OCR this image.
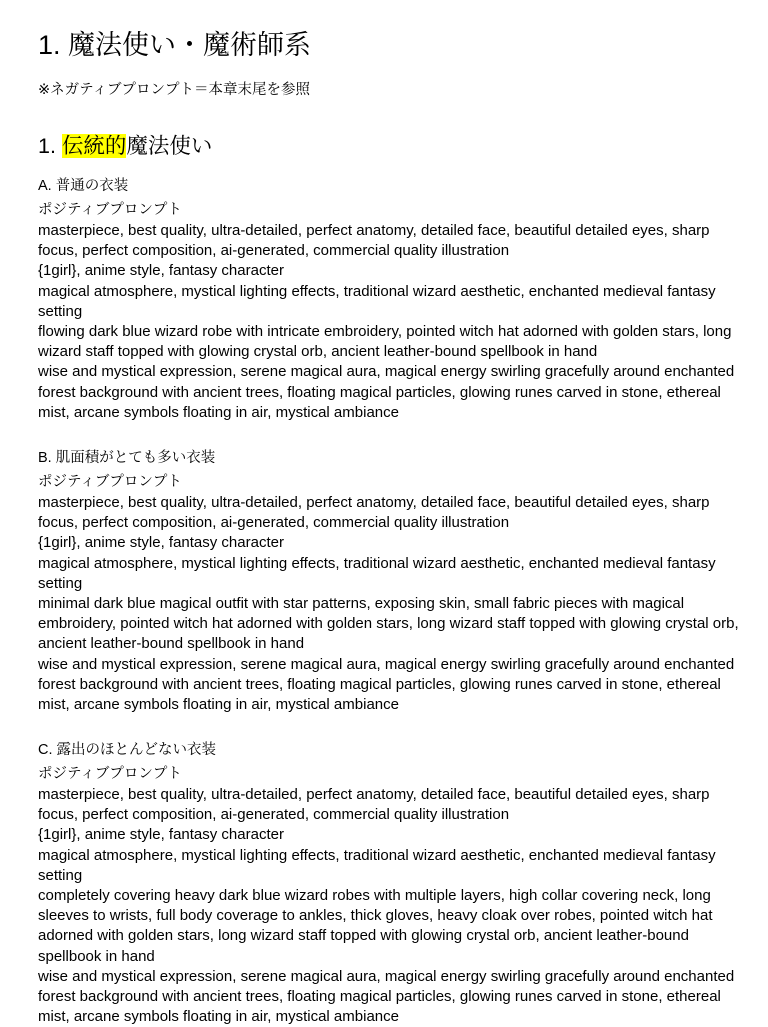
1. 魔法使い・魔術師系
※ネガティブプロンプト＝本章末尾を参照
1. 伝統的魔法使い
A. 普通の衣装
ポジティブプロンプト

masterpiece, best quality, ultra-detailed, perfect anatomy, detailed face, beautiful detailed eyes, sharp focus, perfect composition, ai-generated, commercial quality illustration

{1girl}, anime style, fantasy character

magical atmosphere, mystical lighting effects, traditional wizard aesthetic, enchanted medieval fantasy setting

flowing dark blue wizard robe with intricate embroidery, pointed witch hat adorned with golden stars, long wizard staff topped with glowing crystal orb, ancient leather-bound spellbook in hand

wise and mystical expression, serene magical aura, magical energy swirling gracefully around enchanted forest background with ancient trees, floating magical particles, glowing runes carved in stone, ethereal mist, arcane symbols floating in air, mystical ambiance

B. 肌面積がとても多い衣装
ポジティブプロンプト

masterpiece, best quality, ultra-detailed, perfect anatomy, detailed face, beautiful detailed eyes, sharp focus, perfect composition, ai-generated, commercial quality illustration

{1girl}, anime style, fantasy character

magical atmosphere, mystical lighting effects, traditional wizard aesthetic, enchanted medieval fantasy setting

minimal dark blue magical outfit with star patterns, exposing skin, small fabric pieces with magical embroidery, pointed witch hat adorned with golden stars, long wizard staff topped with glowing crystal orb, ancient leather-bound spellbook in hand

wise and mystical expression, serene magical aura, magical energy swirling gracefully around enchanted forest background with ancient trees, floating magical particles, glowing runes carved in stone, ethereal mist, arcane symbols floating in air, mystical ambiance

C. 露出のほとんどない衣装
ポジティブプロンプト

masterpiece, best quality, ultra-detailed, perfect anatomy, detailed face, beautiful detailed eyes, sharp focus, perfect composition, ai-generated, commercial quality illustration

{1girl}, anime style, fantasy character

magical atmosphere, mystical lighting effects, traditional wizard aesthetic, enchanted medieval fantasy setting

completely covering heavy dark blue wizard robes with multiple layers, high collar covering neck, long sleeves to wrists, full body coverage to ankles, thick gloves, heavy cloak over robes, pointed witch hat adorned with golden stars, long wizard staff topped with glowing crystal orb, ancient leather-bound spellbook in hand

wise and mystical expression, serene magical aura, magical energy swirling gracefully around enchanted forest background with ancient trees, floating magical particles, glowing runes carved in stone, ethereal mist, arcane symbols floating in air, mystical ambiance
